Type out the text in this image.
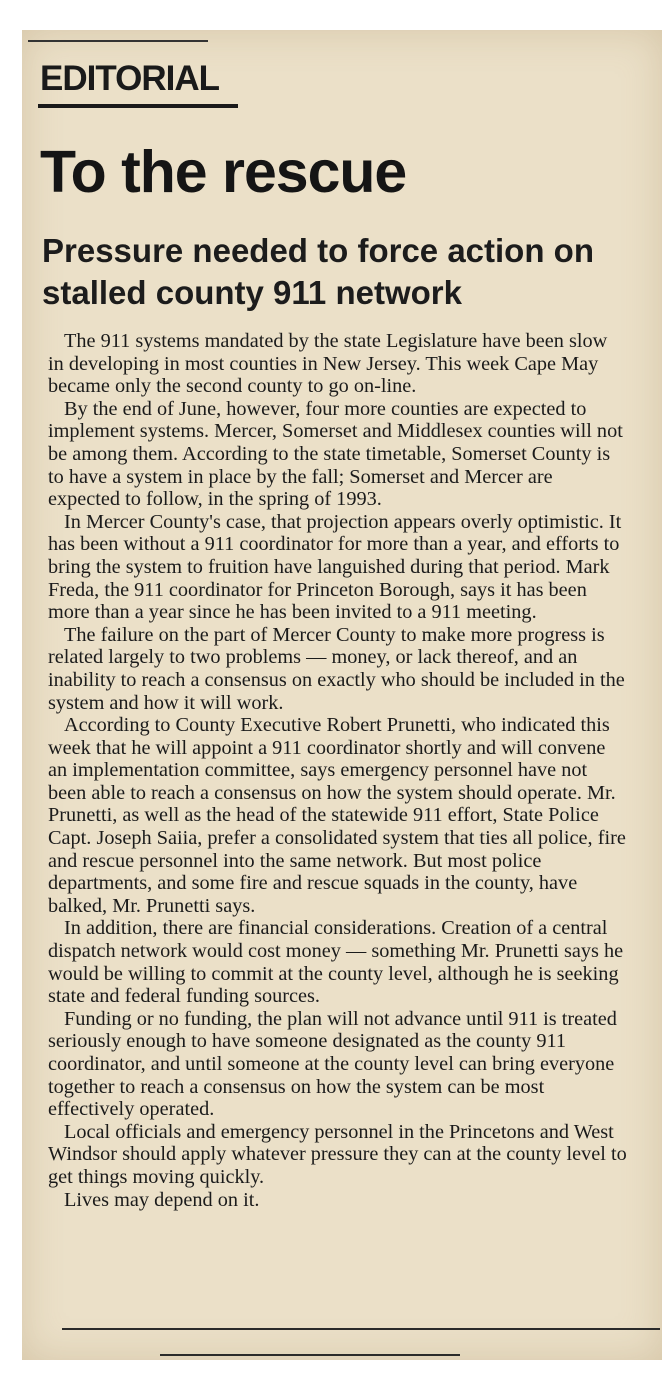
EDITORIAL
To the rescue
Pressure needed to force action on stalled county 911 network

The 911 systems mandated by the state Legislature have been slow in developing in most counties in New Jersey. This week Cape May became only the second county to go on-line.

By the end of June, however, four more counties are expected to implement systems. Mercer, Somerset and Middlesex counties will not be among them. According to the state timetable, Somerset County is to have a system in place by the fall; Somerset and Mercer are expected to follow, in the spring of 1993.

In Mercer County's case, that projection appears overly optimistic. It has been without a 911 coordinator for more than a year, and efforts to bring the system to fruition have languished during that period. Mark Freda, the 911 coordinator for Princeton Borough, says it has been more than a year since he has been invited to a 911 meeting.

The failure on the part of Mercer County to make more progress is related largely to two problems — money, or lack thereof, and an inability to reach a consensus on exactly who should be included in the system and how it will work.

According to County Executive Robert Prunetti, who indicated this week that he will appoint a 911 coordinator shortly and will convene an implementation committee, says emergency personnel have not been able to reach a consensus on how the system should operate. Mr. Prunetti, as well as the head of the statewide 911 effort, State Police Capt. Joseph Saiia, prefer a consolidated system that ties all police, fire and rescue personnel into the same network. But most police departments, and some fire and rescue squads in the county, have balked, Mr. Prunetti says.

In addition, there are financial considerations. Creation of a central dispatch network would cost money — something Mr. Prunetti says he would be willing to commit at the county level, although he is seeking state and federal funding sources.

Funding or no funding, the plan will not advance until 911 is treated seriously enough to have someone designated as the county 911 coordinator, and until someone at the county level can bring everyone together to reach a consensus on how the system can be most effectively operated.

Local officials and emergency personnel in the Princetons and West Windsor should apply whatever pressure they can at the county level to get things moving quickly.

Lives may depend on it.
